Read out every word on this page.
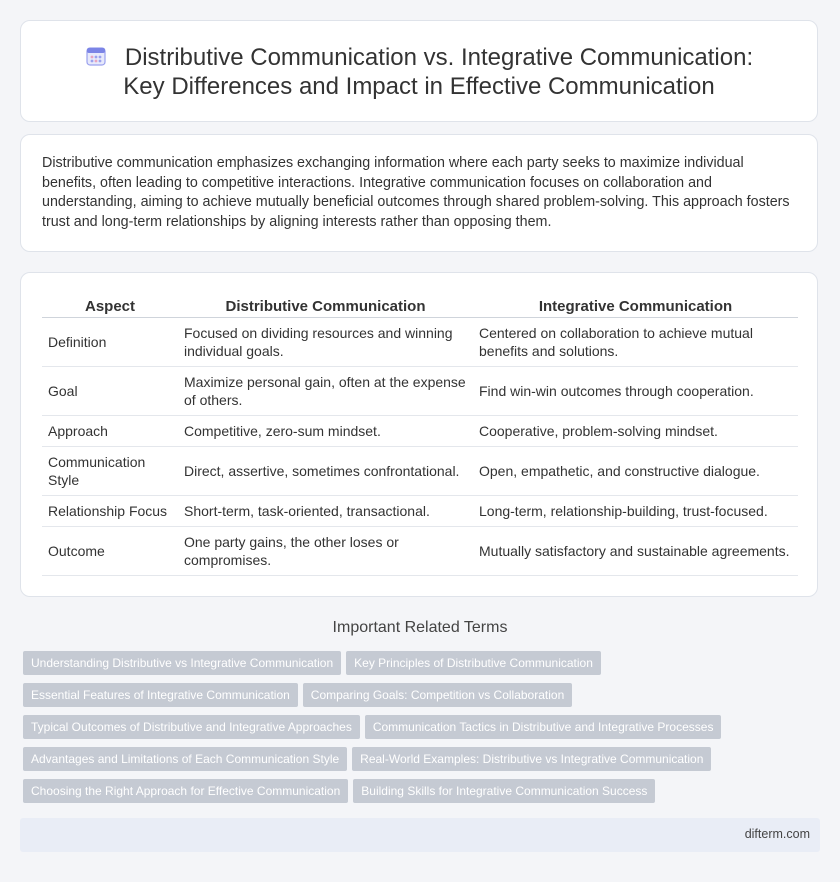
Distributive Communication vs. Integrative Communication: Key Differences and Impact in Effective Communication
Distributive communication emphasizes exchanging information where each party seeks to maximize individual benefits, often leading to competitive interactions. Integrative communication focuses on collaboration and understanding, aiming to achieve mutually beneficial outcomes through shared problem-solving. This approach fosters trust and long-term relationships by aligning interests rather than opposing them.
Aspect	Distributive Communication	Integrative Communication
Definition	Focused on dividing resources and winning individual goals.	Centered on collaboration to achieve mutual benefits and solutions.
Goal	Maximize personal gain, often at the expense of others.	Find win-win outcomes through cooperation.
Approach	Competitive, zero-sum mindset.	Cooperative, problem-solving mindset.
Communication Style	Direct, assertive, sometimes confrontational.	Open, empathetic, and constructive dialogue.
Relationship Focus	Short-term, task-oriented, transactional.	Long-term, relationship-building, trust-focused.
Outcome	One party gains, the other loses or compromises.	Mutually satisfactory and sustainable agreements.
Important Related Terms
Understanding Distributive vs Integrative Communication Key Principles of Distributive Communication
Essential Features of Integrative Communication Comparing Goals: Competition vs Collaboration
Typical Outcomes of Distributive and Integrative Approaches Communication Tactics in Distributive and Integrative Processes
Advantages and Limitations of Each Communication Style Real-World Examples: Distributive vs Integrative Communication
Choosing the Right Approach for Effective Communication Building Skills for Integrative Communication Success
difterm.com
